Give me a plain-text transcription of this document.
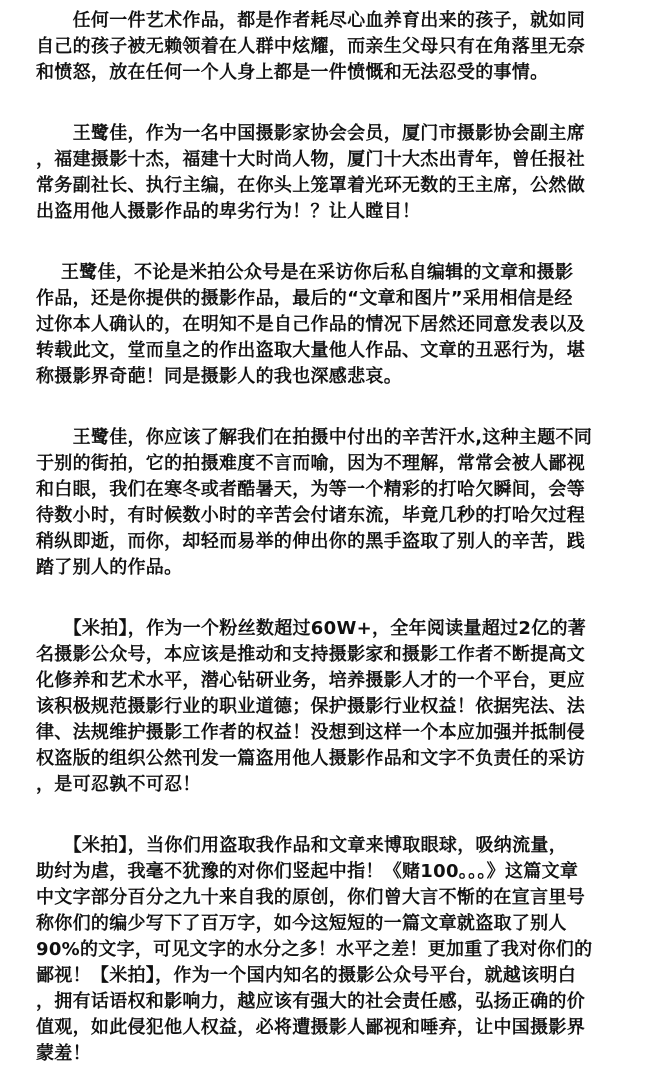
　　任何一件艺术作品，都是作者耗尽心血养育出来的孩子，就如同
自己的孩子被无赖领着在人群中炫耀，而亲生父母只有在角落里无奈
和愤怒，放在任何一个人身上都是一件愤慨和无法忍受的事情。
　　王鹭佳，作为一名中国摄影家协会会员，厦门市摄影协会副主席
，福建摄影十杰，福建十大时尚人物，厦门十大杰出青年，曾任报社
常务副社长、执行主编，在你头上笼罩着光环无数的王主席，公然做
出盗用他人摄影作品的卑劣行为！？让人瞠目！
　 王鹭佳，不论是米拍公众号是在采访你后私自编辑的文章和摄影
作品，还是你提供的摄影作品，最后的“文章和图片”采用相信是经
过你本人确认的，在明知不是自己作品的情况下居然还同意发表以及
转载此文，堂而皇之的作出盗取大量他人作品、文章的丑恶行为，堪
称摄影界奇葩！同是摄影人的我也深感悲哀。
　　王鹭佳，你应该了解我们在拍摄中付出的辛苦汗水,这种主题不同
于别的街拍，它的拍摄难度不言而喻，因为不理解，常常会被人鄙视
和白眼，我们在寒冬或者酷暑天，为等一个精彩的打哈欠瞬间，会等
待数小时，有时候数小时的辛苦会付诸东流，毕竟几秒的打哈欠过程
稍纵即逝，而你，却轻而易举的伸出你的黑手盗取了别人的辛苦，践
踏了别人的作品。
　　【米拍】，作为一个粉丝数超过60W+，全年阅读量超过2亿的著
名摄影公众号，本应该是推动和支持摄影家和摄影工作者不断提高文
化修养和艺术水平，潜心钻研业务，培养摄影人才的一个平台，更应
该积极规范摄影行业的职业道德；保护摄影行业权益！依据宪法、法
律、法规维护摄影工作者的权益！没想到这样一个本应加强并抵制侵
权盗版的组织公然刊发一篇盗用他人摄影作品和文字不负责任的采访
，是可忍孰不可忍！
　　【米拍】，当你们用盗取我作品和文章来博取眼球，吸纳流量，
助纣为虐，我毫不犹豫的对你们竖起中指！《赌100。。。》这篇文章
中文字部分百分之九十来自我的原创，你们曾大言不惭的在宣言里号
称你们的编少写下了百万字，如今这短短的一篇文章就盗取了别人
90%的文字，可见文字的水分之多！水平之差！更加重了我对你们的
鄙视！【米拍】，作为一个国内知名的摄影公众号平台，就越该明白
，拥有话语权和影响力，越应该有强大的社会责任感，弘扬正确的价
值观，如此侵犯他人权益，必将遭摄影人鄙视和唾弃，让中国摄影界
蒙羞！
